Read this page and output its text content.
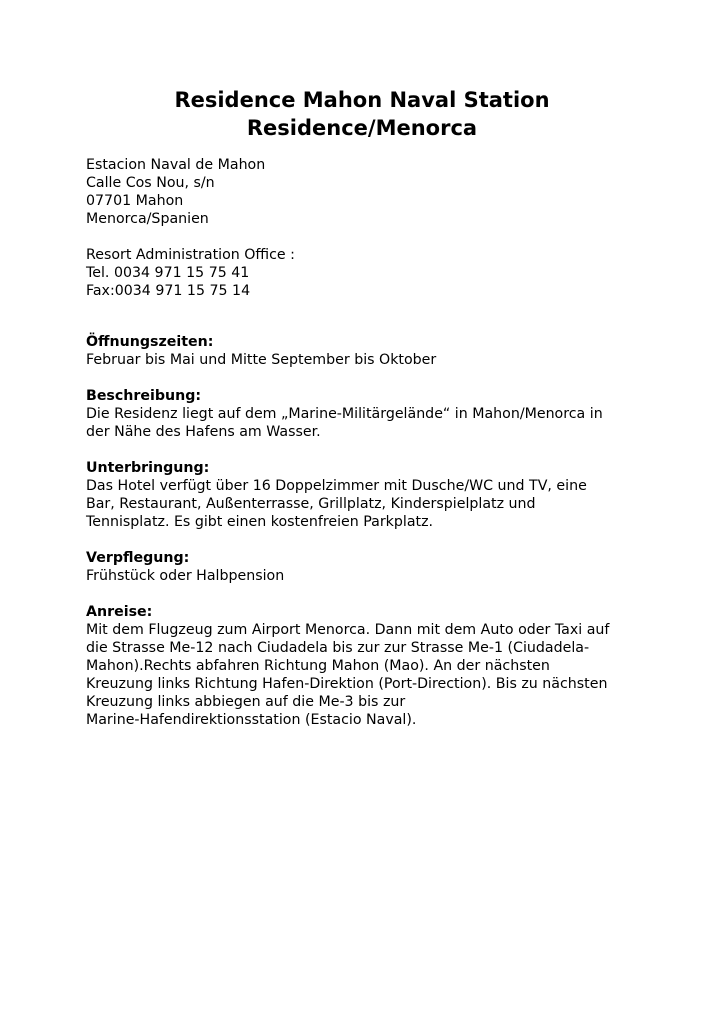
Residence Mahon Naval Station
Residence/Menorca
Estacion Naval de Mahon
Calle Cos Nou, s/n
07701 Mahon
Menorca/Spanien
Resort Administration Office :
Tel. 0034 971 15 75 41
Fax:0034 971 15 75 14
Öffnungszeiten:
Februar bis Mai und Mitte September bis Oktober
Beschreibung:
Die Residenz liegt auf dem „Marine-Militärgelände“ in Mahon/Menorca in
der Nähe des Hafens am Wasser.
Unterbringung:
Das Hotel verfügt über 16 Doppelzimmer mit Dusche/WC und TV, eine
Bar, Restaurant, Außenterrasse, Grillplatz, Kinderspielplatz und
Tennisplatz. Es gibt einen kostenfreien Parkplatz.
Verpflegung:
Frühstück oder Halbpension
Anreise:
Mit dem Flugzeug zum Airport Menorca. Dann mit dem Auto oder Taxi auf
die Strasse Me-12 nach Ciudadela bis zur zur Strasse Me-1 (Ciudadela-
Mahon).Rechts abfahren Richtung Mahon (Mao). An der nächsten
Kreuzung links Richtung Hafen-Direktion (Port-Direction). Bis zu nächsten
Kreuzung links abbiegen auf die Me-3 bis zur
Marine-Hafendirektionsstation (Estacio Naval).
